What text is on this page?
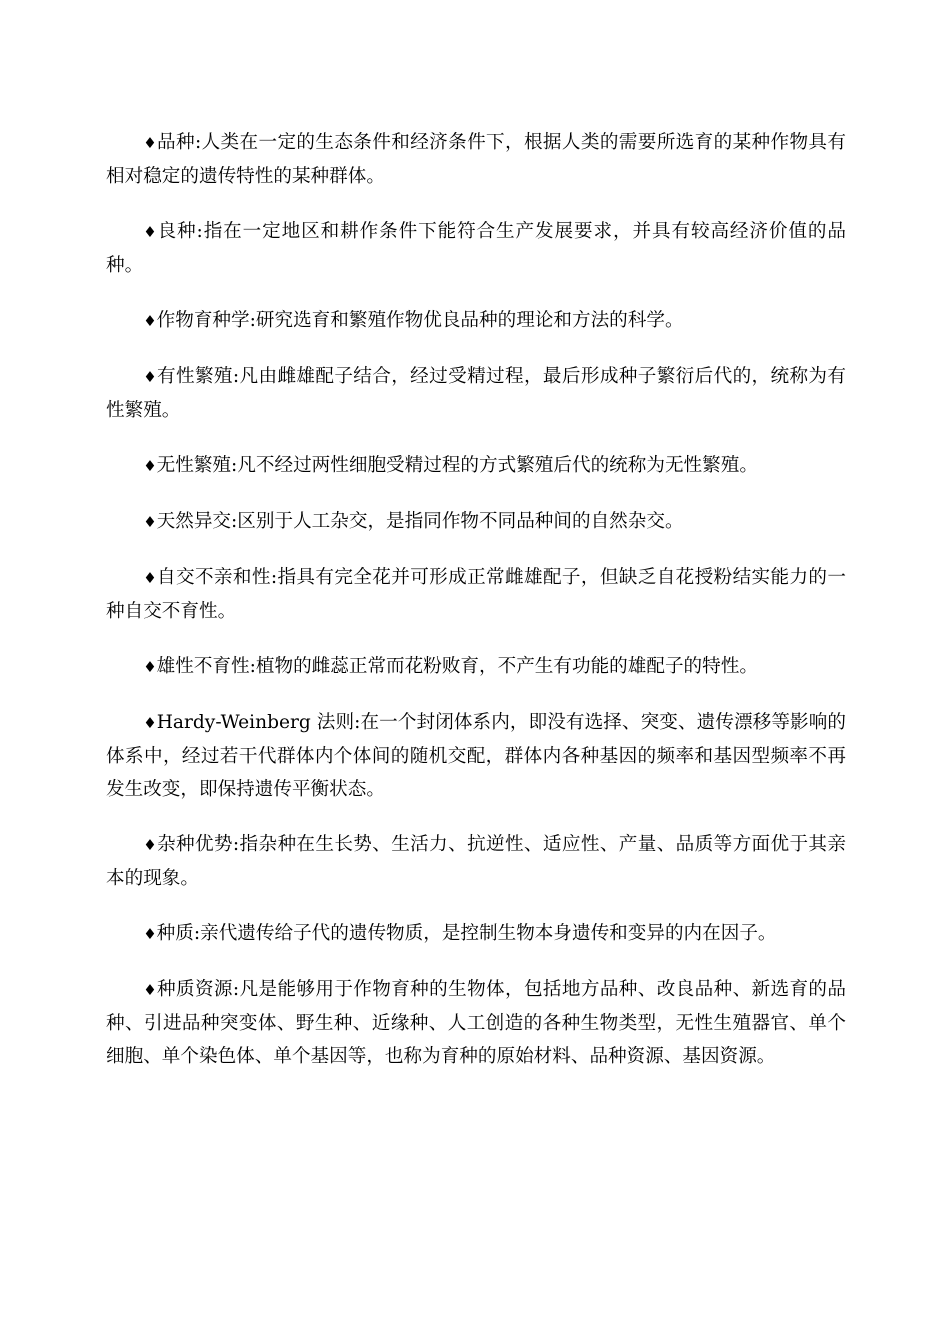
♦品种:人类在一定的生态条件和经济条件下，根据人类的需要所选育的某种作物具有相对稳定的遗传特性的某种群体。

♦良种:指在一定地区和耕作条件下能符合生产发展要求，并具有较高经济价值的品种。

♦作物育种学:研究选育和繁殖作物优良品种的理论和方法的科学。

♦有性繁殖:凡由雌雄配子结合，经过受精过程，最后形成种子繁衍后代的，统称为有性繁殖。

♦无性繁殖:凡不经过两性细胞受精过程的方式繁殖后代的统称为无性繁殖。

♦天然异交:区别于人工杂交，是指同作物不同品种间的自然杂交。

♦自交不亲和性:指具有完全花并可形成正常雌雄配子，但缺乏自花授粉结实能力的一种自交不育性。

♦雄性不育性:植物的雌蕊正常而花粉败育，不产生有功能的雄配子的特性。

♦Hardy-Weinberg 法则:在一个封闭体系内，即没有选择、突变、遗传漂移等影响的体系中，经过若干代群体内个体间的随机交配，群体内各种基因的频率和基因型频率不再发生改变，即保持遗传平衡状态。

♦杂种优势:指杂种在生长势、生活力、抗逆性、适应性、产量、品质等方面优于其亲本的现象。

♦种质:亲代遗传给子代的遗传物质，是控制生物本身遗传和变异的内在因子。

♦种质资源:凡是能够用于作物育种的生物体，包括地方品种、改良品种、新选育的品种、引进品种突变体、野生种、近缘种、人工创造的各种生物类型，无性生殖器官、单个细胞、单个染色体、单个基因等，也称为育种的原始材料、品种资源、基因资源。
